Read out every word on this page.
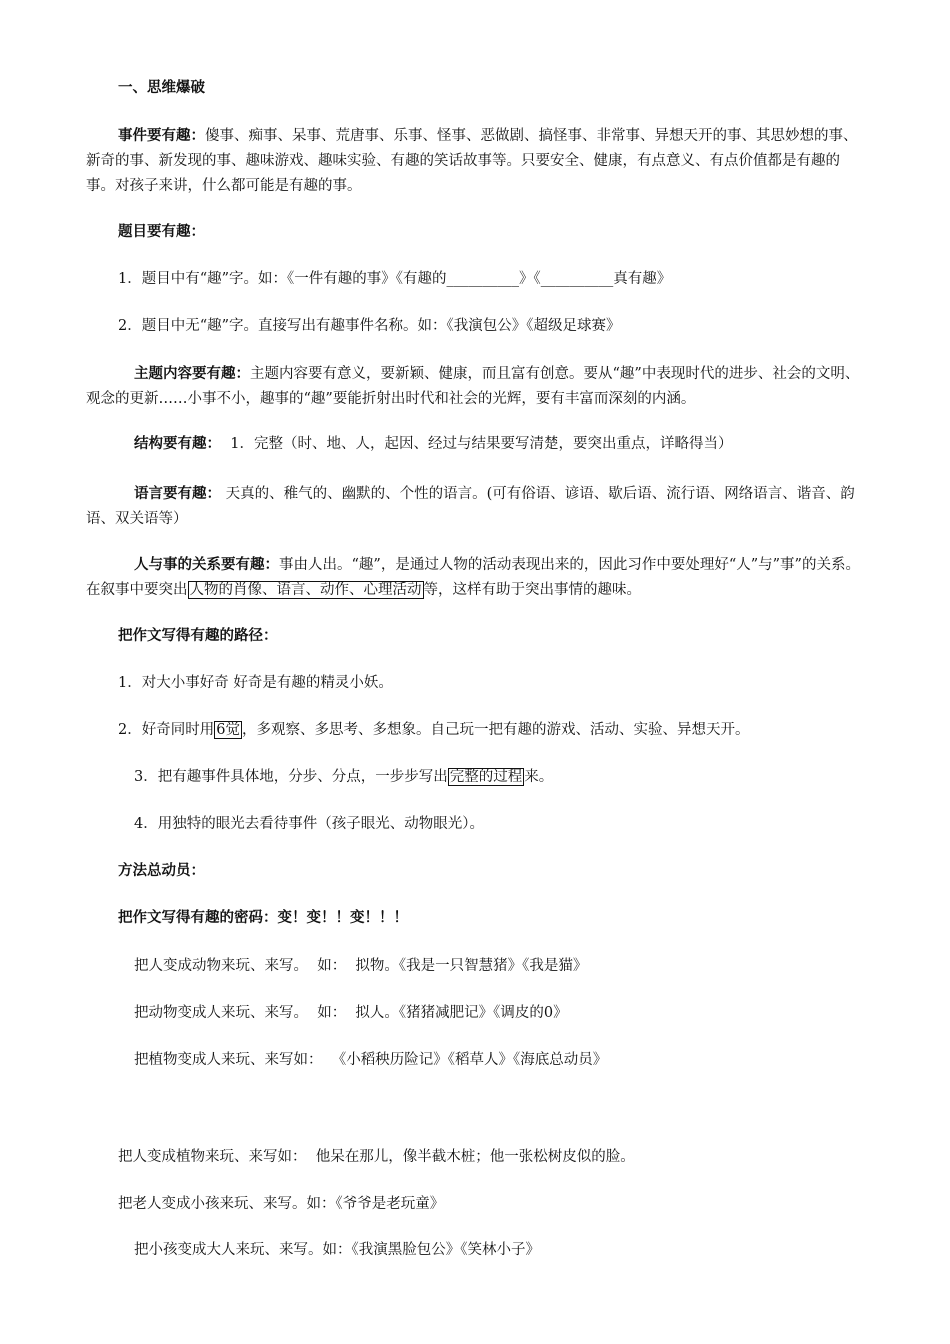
一、思维爆破
事件要有趣：傻事、痴事、呆事、荒唐事、乐事、怪事、恶做剧、搞怪事、非常事、异想天开的事、其思妙想的事、新奇的事、新发现的事、趣味游戏、趣味实验、有趣的笑话故事等。只要安全、健康，有点意义、有点价值都是有趣的事。对孩子来讲，什么都可能是有趣的事。
题目要有趣：
1．题目中有“趣”字。如：《一件有趣的事》《有趣的__________》《__________真有趣》
2．题目中无“趣”字。直接写出有趣事件名称。如：《我演包公》《超级足球赛》
主题内容要有趣：主题内容要有意义，要新颖、健康，而且富有创意。要从“趣”中表现时代的进步、社会的文明、观念的更新……小事不小，趣事的“趣”要能折射出时代和社会的光辉，要有丰富而深刻的内涵。
结构要有趣：  1．完整（时、地、人，起因、经过与结果要写清楚，要突出重点，详略得当）
语言要有趣： 天真的、稚气的、幽默的、个性的语言。(可有俗语、谚语、歇后语、流行语、网络语言、谐音、韵语、双关语等）
人与事的关系要有趣：事由人出。“趣”，是通过人物的活动表现出来的，因此习作中要处理好“人”与”事”的关系。在叙事中要突出 人物的肖像、语言、动作、心理活动 等，这样有助于突出事情的趣味。
把作文写得有趣的路径：
1．对大小事好奇 好奇是有趣的精灵小妖。
2．好奇同时用 6觉 ，多观察、多思考、多想象。自己玩一把有趣的游戏、活动、实验、异想天开。
3．把有趣事件具体地，分步、分点，一步步写出 完整的过程 来。
4．用独特的眼光去看待事件（孩子眼光、动物眼光）。
方法总动员：
把作文写得有趣的密码：变！变！！变！！！
把人变成动物来玩、来写。  如：  拟物。《我是一只智慧猪》《我是猫》
把动物变成人来玩、来写。  如：  拟人。《猪猪减肥记》《调皮的0》
把植物变成人来玩、来写如：  《小稻秧历险记》《稻草人》《海底总动员》
把人变成植物来玩、来写如：  他呆在那儿，像半截木桩；他一张松树皮似的脸。
把老人变成小孩来玩、来写。如：《爷爷是老玩童》
把小孩变成大人来玩、来写。如：《我演黑脸包公》《笑林小子》
